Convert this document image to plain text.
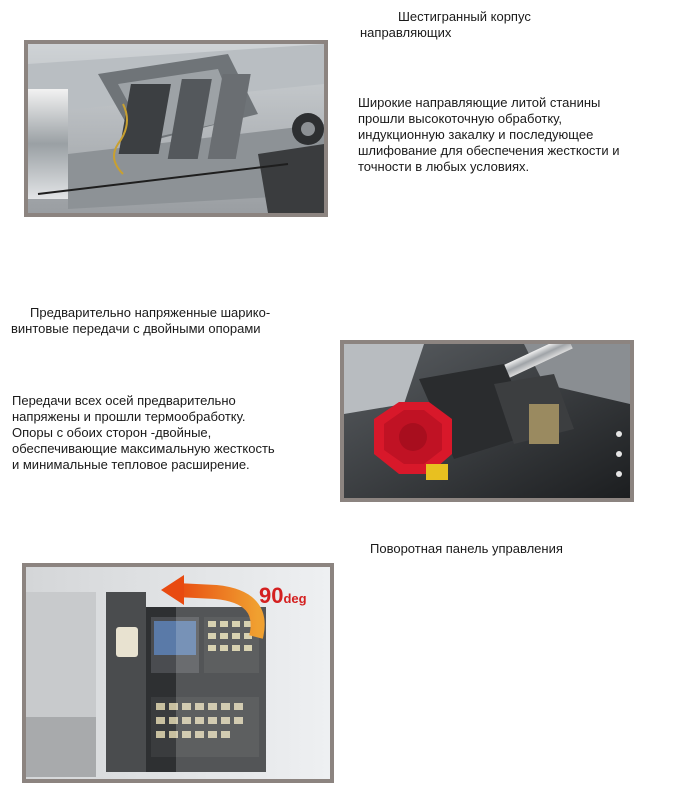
Шестигранный корпус

направляющих

Широкие направляющие литой станины

прошли высокоточную обработку,

индукционную закалку и последующее

шлифование для обеспечения жесткости и

точности в любых условиях.

Предварительно напряженные шарико-

винтовые передачи с двойными опорами

Передачи всех осей предварительно

напряжены и прошли термообработку.

Опоры с обоих сторон -двойные,

обеспечивающие максимальную жесткость

и минимальные тепловое расширение.

Поворотная панель управления
90deg
